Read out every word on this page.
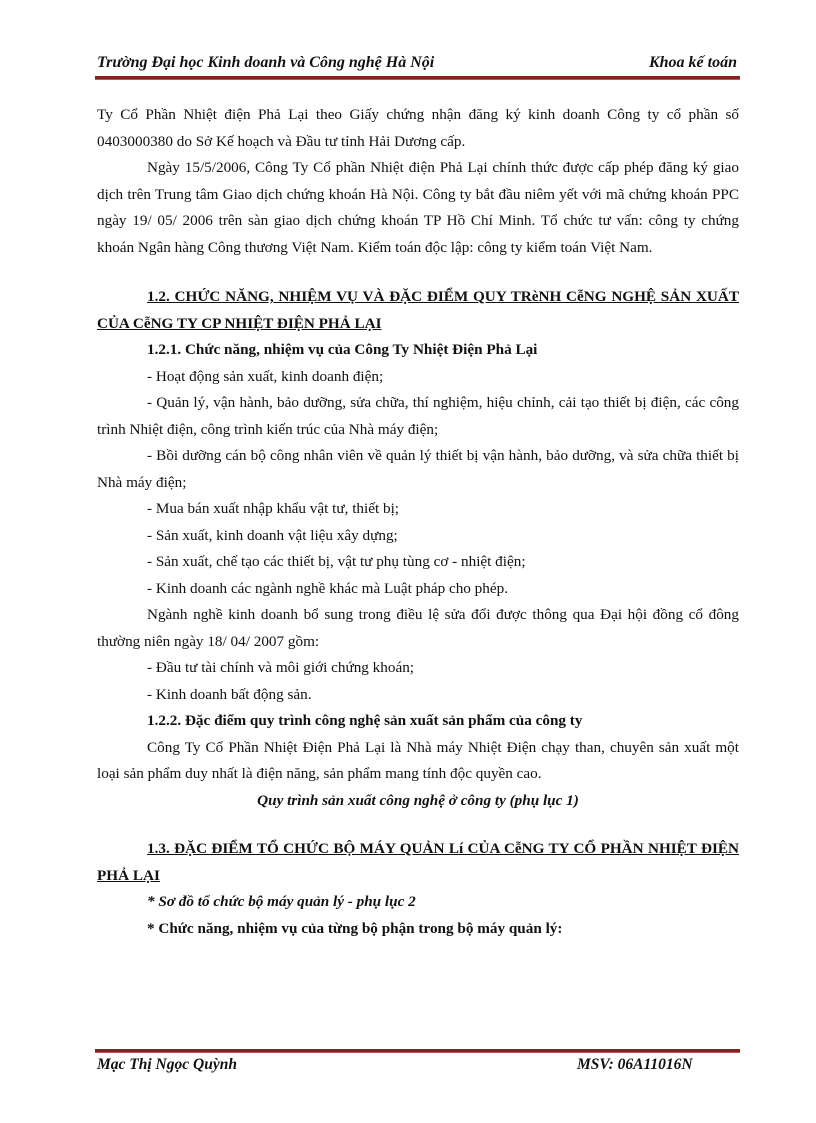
Trường Đại học Kinh doanh và Công nghệ Hà Nội	Khoa kế toán

Ty Cổ Phần Nhiệt điện Phả Lại theo Giấy chứng nhận đăng ký kinh doanh Công ty cổ phần số 0403000380 do Sở Kế hoạch và Đầu tư tỉnh Hải Dương cấp.

Ngày 15/5/2006, Công Ty Cổ phần Nhiệt điện Phả Lại chính thức được cấp phép đăng ký giao dịch trên Trung tâm Giao dịch chứng khoán Hà Nội. Công ty bắt đầu niêm yết với mã chứng khoán PPC ngày 19/ 05/ 2006 trên sàn giao dịch chứng khoán TP Hồ Chí Minh. Tổ chức tư vấn: công ty chứng khoán Ngân hàng Công thương Việt Nam. Kiểm toán độc lập: công ty kiểm toán Việt Nam.

1.2. CHỨC NĂNG, NHIỆM VỤ VÀ ĐẶC ĐIỂM QUY TRèNH CễNG NGHỆ SẢN XUẤT CỦA CễNG TY CP NHIỆT ĐIỆN PHẢ LẠI
1.2.1. Chức năng, nhiệm vụ của Công Ty Nhiệt Điện Phả Lại

- Hoạt động sản xuất, kinh doanh điện;

- Quản lý, vận hành, bảo dưỡng, sửa chữa, thí nghiệm, hiệu chỉnh, cải tạo thiết bị điện, các công trình Nhiệt điện, công trình kiến trúc của Nhà máy điện;

- Bồi dưỡng cán bộ công nhân viên về quản lý thiết bị vận hành, bảo dưỡng, và sửa chữa thiết bị Nhà máy điện;

- Mua bán xuất nhập khẩu vật tư, thiết bị;

- Sản xuất, kinh doanh vật liệu xây dựng;

- Sản xuất, chế tạo các thiết bị, vật tư phụ tùng cơ - nhiệt điện;

- Kinh doanh các ngành nghề khác mà Luật pháp cho phép.

Ngành nghề kinh doanh bổ sung trong điều lệ sửa đổi được thông qua Đại hội đồng cổ đông thường niên ngày 18/ 04/ 2007 gồm:

- Đầu tư tài chính và môi giới chứng khoán;

- Kinh doanh bất động sản.

1.2.2. Đặc điểm quy trình công nghệ sản xuất sản phẩm của công ty

Công Ty Cổ Phần Nhiệt Điện Phả Lại là Nhà máy Nhiệt Điện chạy than, chuyên sản xuất một loại sản phẩm duy nhất là điện năng, sản phẩm mang tính độc quyền cao.

Quy trình sản xuất công nghệ ở công ty (phụ lục 1)

1.3. ĐẶC ĐIỂM TỔ CHỨC BỘ MÁY QUẢN Lí CỦA CễNG TY CỔ PHẦN NHIỆT ĐIỆN PHẢ LẠI

* Sơ đồ tổ chức bộ máy quản lý - phụ lục 2

* Chức năng, nhiệm vụ của từng bộ phận trong bộ máy quản lý:

Mạc Thị Ngọc Quỳnh	MSV: 06A11016N
